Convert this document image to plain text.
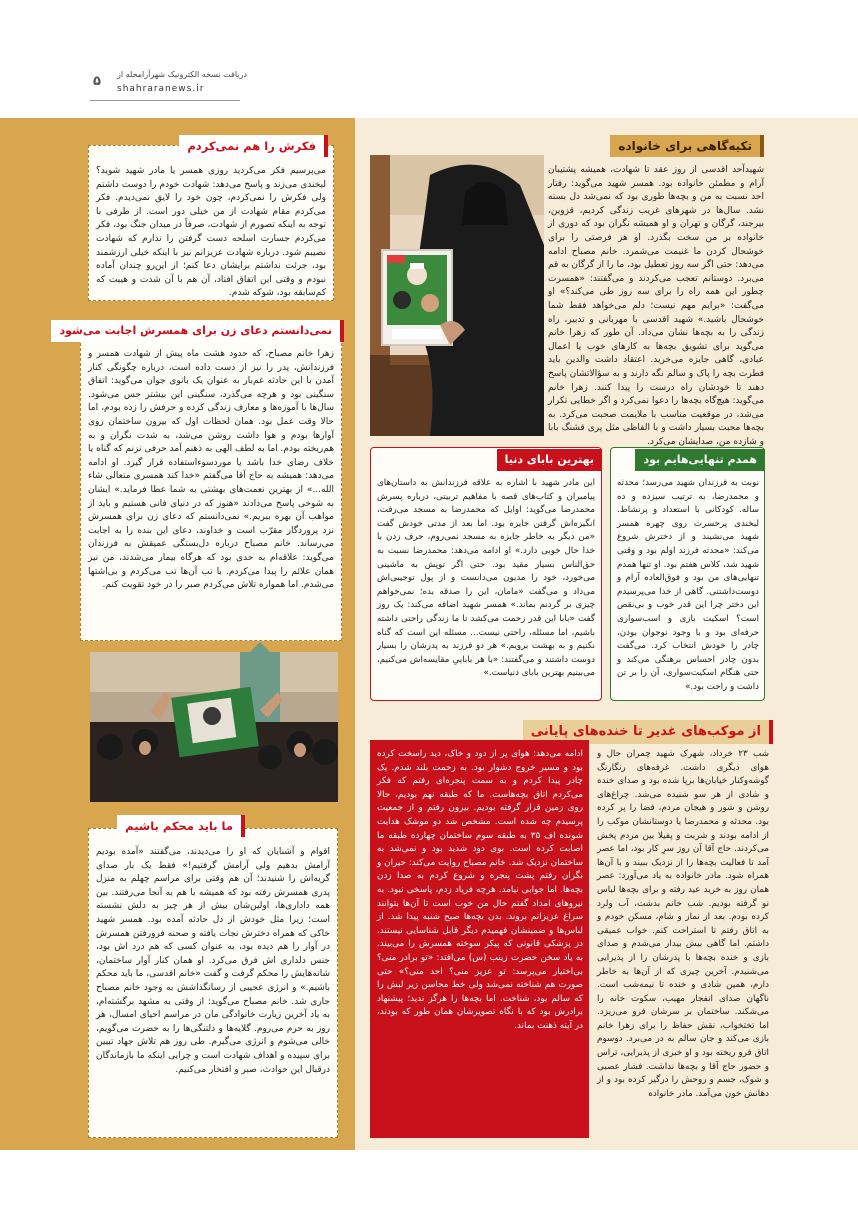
دریافت نسخه الکترونیک شهرآرامحله از
shahraranews.ir
۵
تکیه‌گاهی برای خانواده
شهیدآحد اقدسی از روز عقد تا شهادت، همیشه پشتیبان آرام و مطمئن خانواده بود. همسر شهید می‌گوید: رفتار احد نسبت به من و بچه‌ها طوری بود که نمی‌شد دل بسته نشد. سال‌ها در شهرهای غریب زندگی کردیم، قزوین، بیرجند، گرگان و تهران و او همیشه نگران بود که دوری از خانواده بر من سخت بگذرد. او هر فرصتی را برای خوشحال کردن ما غنیمت می‌شمرد. خانم مصباح ادامه می‌دهد: حتی اگر سه روز تعطیل بود، ما را از گرگان به قم می‌برد. دوستانم تعجب می‌کردند و می‌گفتند: «همسرت چطور این همه راه را برای سه روز طی می‌کند؟» او می‌گفت: «برایم مهم نیست؛ دلم می‌خواهد فقط شما خوشحال باشید.» شهید اقدسی با مهربانی و تدبیر، راه زندگی را به بچه‌ها نشان می‌داد. آن طور که زهرا خانم می‌گوید برای تشویق بچه‌ها به کارهای خوب یا اعمال عبادی، گاهی جایزه می‌خرید. اعتقاد داشت والدین باید فطرت بچه را پاک و سالم نگه دارند و به سؤالاتشان پاسخ دهند تا خودشان راه درست را پیدا کنند. زهرا خانم می‌گوید: هیچ‌گاه بچه‌ها را دعوا نمی‌کرد و اگر خطایی تکرار می‌شد، در موقعیت مناسب با ملایمت صحبت می‌کرد. به بچه‌ها محبت بسیار داشت و با الفاظی مثل پری قشنگ بابا و شازده من، صدایشان می‌کرد.
فکرش را هم نمی‌کردم
می‌پرسیم فکر می‌کردید روزی همسر یا مادر شهید شوید؟ لبخندی می‌زند و پاسخ می‌دهد: شهادت خودم را دوست داشتم ولی فکرش را نمی‌کردم، چون خود را لایق نمی‌دیدم. فکر می‌کردم مقام شهادت از من خیلی دور است. از طرفی با توجه به اینکه تصورم از شهادت، صرفاً در میدان جنگ بود، فکر می‌کردم جسارت اسلحه دست گرفتن را ندارم که شهادت نصیبم شود. درباره شهادت عزیزانم نیز با اینکه خیلی ارزشمند بود، جرئت نداشتم برایشان دعا کنم؛ از این‌رو چندان آماده نبودم و وقتی این اتفاق افتاد، آن هم با آن شدت و هیبت که کم‌سابقه بود، شوکه شدم.
نمی‌دانستم دعای زن برای همسرش اجابت می‌شود
زهرا خانم مصباح، که حدود هشت ماه پیش از شهادت همسر و فرزندانش، پدر را نیز از دست داده است، درباره چگونگی کنار آمدن با این حادثه غم‌بار به عنوان یک بانوی جوان می‌گوید: اتفاق سنگینی بود و هرچه می‌گذرد، سنگینی این بیشتر حس می‌شود. سال‌ها با آموزه‌ها و معارف زندگی کرده و حرفش را زده بودم، اما حالا وقت عمل بود. همان لحظات اول که بیرون ساختمان روی آوارها بودم و هوا داشت روشن می‌شد، به شدت نگران و به هم‌ریخته بودم. اما به لطف الهی به ذهنم آمد حرفی نزنم که گناه یا خلاف رضای خدا باشد یا موردسوءاستفاده قرار گیرد. او ادامه می‌دهد: همیشه به حاج آقا می‌گفتم «خدا کند همسری متعالی شاء الله...» از بهترین نعمت‌های بهشتی به شما عطا فرماید.» ایشان به شوخی پاسخ می‌دادند «هنوز که در دنیای فانی هستیم و باید از مواهب آن بهره ببریم.» نمی‌دانستم که دعای زن برای همسرش نزد پروردگار مقرّب است و خداوند، دعای این بنده را به اجابت می‌رساند. خانم مصباح درباره دل‌بستگی عمیقش به فرزندان می‌گوید: علاقه‌ام به حدی بود که هرگاه بیمار می‌شدند، من نیز همان علائم را پیدا می‌کردم. با تب آن‌ها تب می‌کردم و بی‌اشتها می‌شدم. اما همواره تلاش می‌کردم صبر را در خود تقویت کنم.
همدم تنهایی‌هایم بود
نوبت به فرزندان شهید می‌رسد؛ محدثه و محمدرضا، به ترتیب سیزده و ده ساله. کودکانی با استعداد و پرنشاط. لبخندی پرحسرت روی چهره همسر شهید می‌نشیند و از دخترش شروع می‌کند: «محدثه فرزند اولم بود و وقتی شهید شد، کلاس هفتم بود. او تنها همدم تنهایی‌های من بود و فوق‌العاده آرام و دوست‌داشتنی. گاهی از خدا می‌پرسیدم این دختر چرا این قدر خوب و بی‌نقص است؟ اسکیت بازی و اسب‌سواری حرفه‌ای بود و با وجود نوجوان بودن، چادر را خودش انتخاب کرد. می‌گفت بدون چادر احساس برهنگی می‌کند و حتی هنگام اسکیت‌سواری، آن را بر تن داشت و راحت بود.»
بهترین بابای دنیا
این مادر شهید با اشاره به علاقه فرزندانش به داستان‌های پیامبران و کتاب‌های قصه با مفاهیم تربیتی، درباره پسرش محمدرضا می‌گوید: اوایل که محمدرضا به مسجد می‌رفت، انگیزه‌اش گرفتن جایزه بود. اما بعد از مدتی خودش گفت «من دیگر به خاطر جایزه به مسجد نمی‌روم، حرف زدن با خدا حال خوبی دارد.» او ادامه می‌دهد: محمدرضا نسبت به حق‌الناس بسیار مقید بود. حتی اگر توپش به ماشینی می‌خورد، خود را مدیون می‌دانست و از پول توجیبی‌اش می‌داد و می‌گفت «مامان، این را صدقه بده؛ نمی‌خواهم چیزی بر گردنم بماند.» همسر شهید اضافه می‌کند: یک روز گفت «بابا این قدر زحمت می‌کشد تا ما زندگی راحتی داشته باشیم، اما مسئله، راحتی نیست... مسئله این است که گناه نکنیم و به بهشت برویم.» هر دو فرزند به پدرشان را بسیار دوست داشتند و می‌گفتند: «با هر باباییِ مقایسه‌اش می‌کنیم، می‌بینیم بهترین بابای دنیاست.»
از موکب‌های غدیر تا خنده‌های پایانی
شب ۲۳ خرداد، شهرک شهید چمران حال و هوای دیگری داشت. غرفه‌های رنگارنگ گوشه‌وکنار خیابان‌ها برپا شده بود و صدای خنده و شادی از هر سو شنیده می‌شد. چراغ‌های روشن و شور و هیجان مردم، فضا را پر کرده بود. محدثه و محمدرضا با دوستانشان موکب را از ادامه بودند و شربت و پفیلا بین مردم پخش می‌کردند. حاج آقا آن روز سرِ کار بود، اما عصر آمد تا فعالیت بچه‌ها را از نزدیک ببیند و با آن‌ها همراه شود. مادر خانواده به یاد می‌آورد: عصر همان روز به خرید عید رفته و برای بچه‌ها لباس نو گرفته بودیم. شب خانم بدشت، آب ولرد کرده بودم. بعد از نماز و شام، مسکن خودم و به اتاق رفتم تا استراحت کنم. خواب عمیقی داشتم. اما گاهی بیش بیدار می‌شدم و صدای بازی و خنده بچه‌ها با پدرشان را از پذیرایی می‌شنیدم. آخرین چیزی که از آن‌ها به خاطر دارم، همین شادی و خنده تا نیمه‌شب است. ناگهان صدای انفجار مهیب، سکوت خانه را می‌شکند. ساختمان بر سرشان فرو می‌ریزد. اما تختخواب، نقش حفاظ را برای زهرا خانم بازی می‌کند و جان سالم به در می‌برد. دوسوم اتاق فرو ریخته بود و او خبری از پذیرایی، تراس و حضور حاج آقا و بچه‌ها نداشت. فشار عصبی و شوک، جسم و روحش را درگیر کرده بود و از دهانش خون می‌آمد. مادر خانواده
ادامه می‌دهد: هوای پر از دود و خاک، دید راسخت کرده بود و مسیر خروج دشوار بود. به زحمت بلند شدم. یک چادر پیدا کردم و به سمت پنجره‌ای رفتم که فکر می‌کردم اتاق بچه‌هاست. ما که طبقه نهم بودیم، حالا روی زمین قرار گرفته بودیم. بیرون رفتم و از جمعیت پرسیدم چه شده است. مشخص شد دو موشک هدایت شونده اف ۳۵ به طبقه سوم ساختمان چهارده طبقه ما اصابت کرده است. بوی دود شدید بود و نمی‌شد به ساختمان نزدیک شد. خانم مصباح روایت می‌کند: حیران و نگران رفتم پشت پنجره و شروع کردم به صدا زدن بچه‌ها. اما جوابی نیامد. هرچه فریاد زدم، پاسخی نبود. به نیروهای امداد گفتم حال من خوب است تا آن‌ها بتوانند سراغ عزیزانم بروند. بدن بچه‌ها صبح شنبه پیدا شد. از لباس‌ها و ضمینشان فهمیدم دیگر قابل شناسایی نیستند. دز پزشکی قانونی که پیکر سوخته همسرش را می‌بیند. به یاد سخن حضرت زینب (س) می‌افتد: «تو برادر منی؟ بی‌اختیار می‌پرسد: تو عزیز منی؟ احد منی؟» حتی صورت هم شناخته نمی‌شد ولی خط محاسن زیر لبش را که سالم بود، شناخت. اما بچه‌ها را هرگز ندید؛ پیشنهاد برادرش بود که با نگاه تصویرشان همان طور که بودند، در آینه ذهنت بماند.
ما باید محکم باشیم
اقوام و آشنایان که او را می‌دیدند، می‌گفتند «آمده بودیم آرامش بدهیم ولی آرامش گرفتیم!» فقط یک بار صدای گریه‌اش را شنیدند؛ آن هم وقتی برای مراسم چهلم به منزل پدری همسرش رفته بود که همیشه با هم به آنجا می‌رفتند. بین همه داداری‌ها، اولین‌شان بیش از هر چیز به دلش نشسته است؛ زیرا مثل خودش از دل حادثه آمده بود. همسر شهید خاکی که همراه دخترش نجات یافته و صحنه فرورفتن همسرش در آوار را هم دیده بود، به عنوان کسی که هم درد اش بود، جنس دلداری اش فرق می‌کرد. او همان کنار آوار ساختمان، شانه‌هایش را محکم گرفت و گفت «خانم اقدسی، ما باید محکم باشیم.» و انرژی عجیبی از رسانگذاشش به وجود خانم مصباح جاری شد. خانم مصباح می‌گوید: از وقتی به مشهد برگشته‌ام، به یاد آخرین زیارت خانوادگی مان در مراسم احیای امسال، هر روز به حرم می‌روم. گلایه‌ها و دلتنگی‌ها را به حضرت می‌گویم، خالی می‌شوم و انرژی می‌گیرم. طی روز هم تلاش جهاد تبیین برای سپیده و اهداف شهادت است و چرایی اینکه ما بازماندگان درقبال این حوادث، صبر و افتخار می‌کنیم.
